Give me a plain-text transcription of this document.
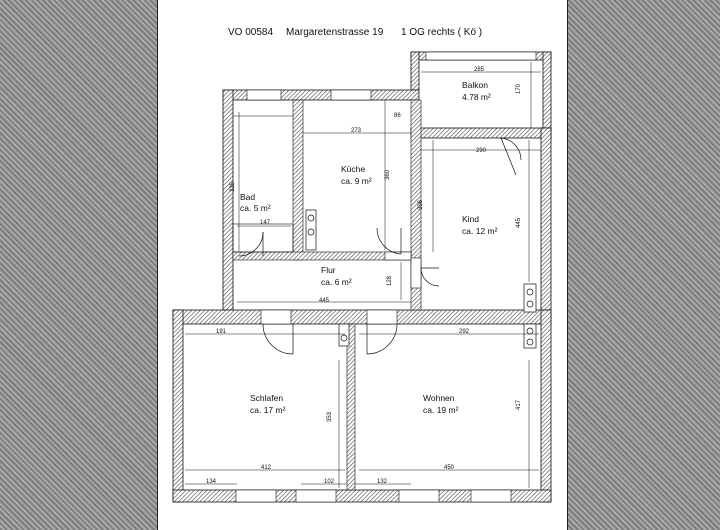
VO 00584 Margaretenstrasse 19 1 OG rechts ( Kö )
Balkon
4.78 m²
Bad
ca. 5 m²
Küche
ca. 9 m²
Kind
ca. 12 m²
Flur
ca. 6 m²
Schlafen
ca. 17 m²
Wohnen
ca. 19 m²
285
170
273
86
335
147
360
290
306
445
445
128
191	292
353
417
412	450
134	102	132
